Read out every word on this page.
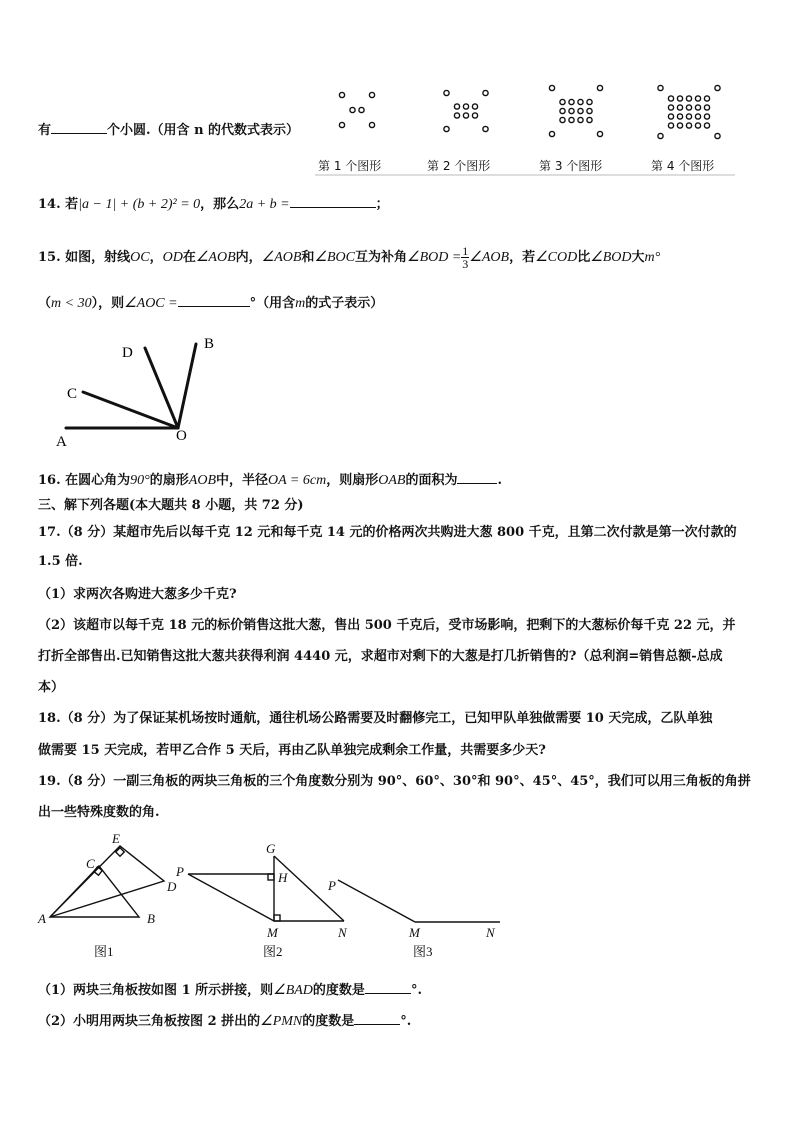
有	个小圆.（用含 n 的代数式表示）
第 1 个图形	第 2 个图形	第 3 个图形	第 4 个图形
14. 若|a − 1| + (b + 2)² = 0，那么2a + b =	；
15. 如图，射线OC，OD在∠AOB内，∠AOB和∠BOC互为补角∠BOD = $\frac{1}{3}$ ∠AOB，若∠COD比∠BOD大m°
（m < 30），则∠AOC =	°（用含m的式子表示）
A
C
D
B
O
16. 在圆心角为90°的扇形AOB中，半径OA = 6cm，则扇形OAB的面积为	.
三、解下列各题(本大题共 8 小题，共 72 分)
17.（8 分）某超市先后以每千克 12 元和每千克 14 元的价格两次共购进大葱 800 千克，且第二次付款是第一次付款的
1.5 倍.
（1）求两次各购进大葱多少千克?
（2）该超市以每千克 18 元的标价销售这批大葱，售出 500 千克后，受市场影响，把剩下的大葱标价每千克 22 元，并
打折全部售出.已知销售这批大葱共获得利润 4440 元，求超市对剩下的大葱是打几折销售的?（总利润=销售总额-总成
本）
18.（8 分）为了保证某机场按时通航，通往机场公路需要及时翻修完工，已知甲队单独做需要 10 天完成，乙队单独
做需要 15 天完成，若甲乙合作 5 天后，再由乙队单独完成剩余工作量，共需要多少天?
19.（8 分）一副三角板的两块三角板的三个角度数分别为 90°、60°、30°和 90°、45°、45°，我们可以用三角板的角拼
出一些特殊度数的角.
E
C
D
A	B
G
P	H
M	N
P
M	N
图1	图2	图3
（1）两块三角板按如图 1 所示拼接，则∠BAD的度数是	°.
（2）小明用两块三角板按图 2 拼出的∠PMN的度数是	°.
